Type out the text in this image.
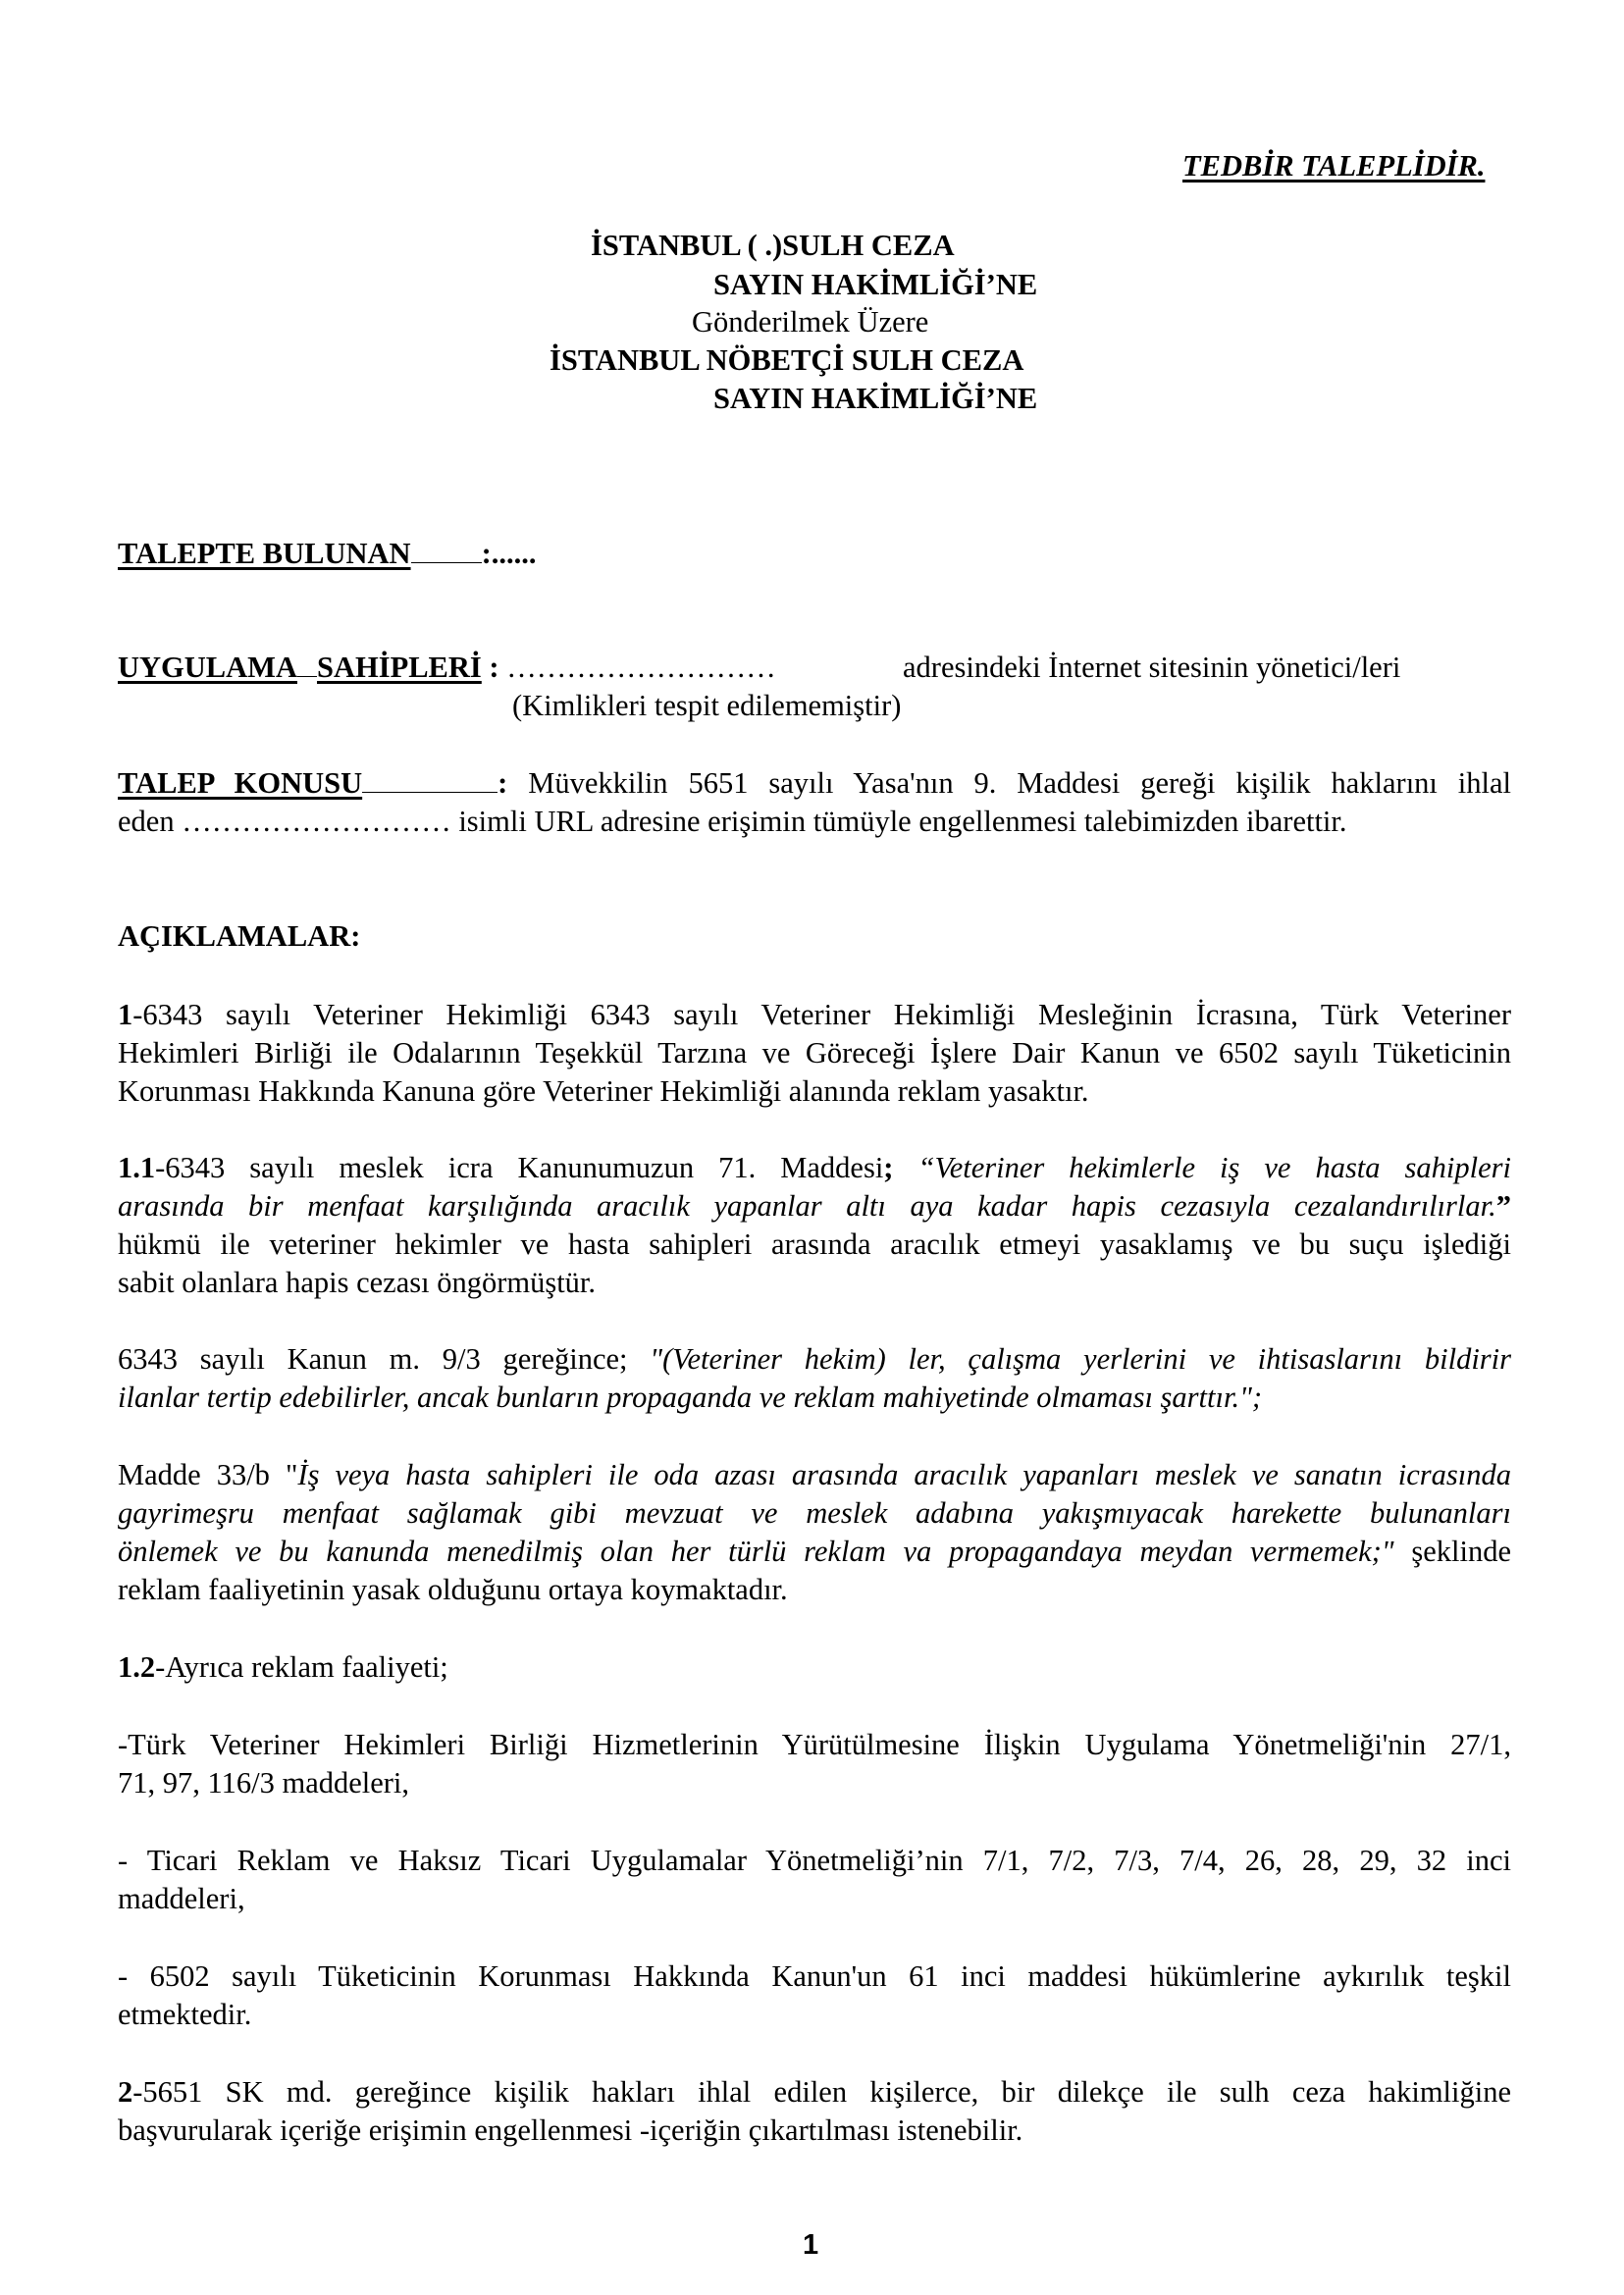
TEDBİR TALEPLİDİR.
İSTANBUL ( .)SULH CEZA
SAYIN HAKİMLİĞİ’NE
Gönderilmek Üzere
İSTANBUL NÖBETÇİ SULH CEZA
SAYIN HAKİMLİĞİ’NE
TALEPTE BULUNAN :......
UYGULAMA SAHİPLERİ : ………………………	adresindeki İnternet sitesinin yönetici/leri
(Kimlikleri tespit edilememiştir)
TALEP KONUSU	: Müvekkilin 5651 sayılı Yasa'nın 9. Maddesi gereği kişilik haklarını ihlal
eden ……………………… isimli URL adresine erişimin tümüyle engellenmesi talebimizden ibarettir.
AÇIKLAMALAR:
1-6343 sayılı Veteriner Hekimliği 6343 sayılı Veteriner Hekimliği Mesleğinin İcrasına, Türk Veteriner
Hekimleri Birliği ile Odalarının Teşekkül Tarzına ve Göreceği İşlere Dair Kanun ve 6502 sayılı Tüketicinin
Korunması Hakkında Kanuna göre Veteriner Hekimliği alanında reklam yasaktır.
1.1-6343 sayılı meslek icra Kanunumuzun 71. Maddesi; “Veteriner hekimlerle iş ve hasta sahipleri
arasında bir menfaat karşılığında aracılık yapanlar altı aya kadar hapis cezasıyla cezalandırılırlar.”
hükmü ile veteriner hekimler ve hasta sahipleri arasında aracılık etmeyi yasaklamış ve bu suçu işlediği
sabit olanlara hapis cezası öngörmüştür.
6343 sayılı Kanun m. 9/3 gereğince; "(Veteriner hekim) ler, çalışma yerlerini ve ihtisaslarını bildirir
ilanlar tertip edebilirler, ancak bunların propaganda ve reklam mahiyetinde olmaması şarttır.";
Madde 33/b "İş veya hasta sahipleri ile oda azası arasında aracılık yapanları meslek ve sanatın icrasında
gayrimeşru menfaat sağlamak gibi mevzuat ve meslek adabına yakışmıyacak harekette bulunanları
önlemek ve bu kanunda menedilmiş olan her türlü reklam va propagandaya meydan vermemek;" şeklinde
reklam faaliyetinin yasak olduğunu ortaya koymaktadır.
1.2-Ayrıca reklam faaliyeti;
-Türk Veteriner Hekimleri Birliği Hizmetlerinin Yürütülmesine İlişkin Uygulama Yönetmeliği'nin 27/1,
71, 97, 116/3 maddeleri,
- Ticari Reklam ve Haksız Ticari Uygulamalar Yönetmeliği’nin 7/1, 7/2, 7/3, 7/4, 26, 28, 29, 32 inci
maddeleri,
- 6502 sayılı Tüketicinin Korunması Hakkında Kanun'un 61 inci maddesi hükümlerine aykırılık teşkil
etmektedir.
2-5651 SK md. gereğince kişilik hakları ihlal edilen kişilerce, bir dilekçe ile sulh ceza hakimliğine
başvurularak içeriğe erişimin engellenmesi -içeriğin çıkartılması istenebilir.
1
